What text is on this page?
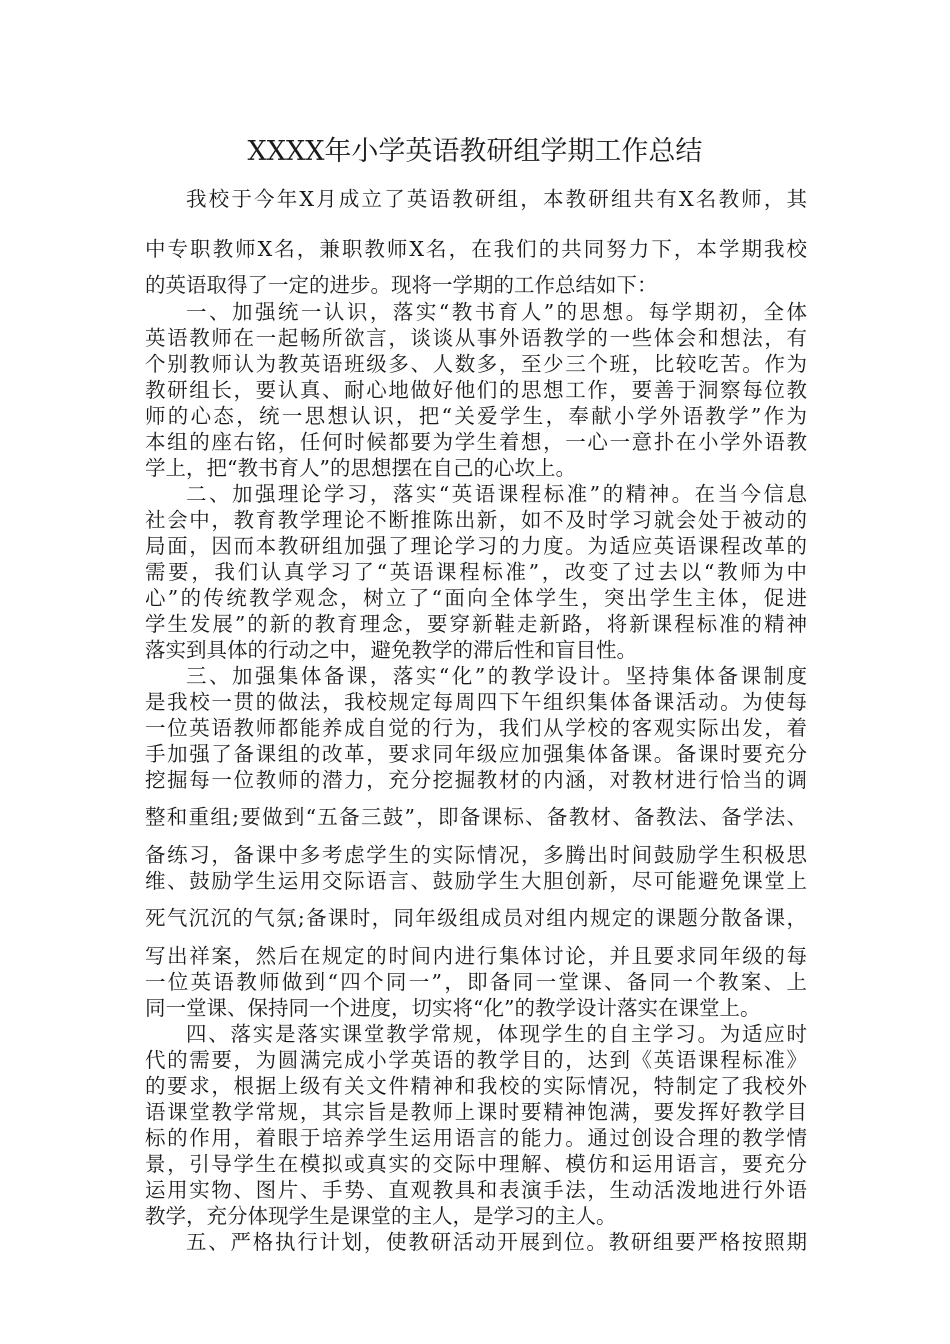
XXXX年小学英语教研组学期工作总结
我校于今年X月成立了英语教研组，本教研组共有X名教师，其
中专职教师X名，兼职教师X名，在我们的共同努力下，本学期我校
的英语取得了一定的进步。现将一学期的工作总结如下：
一、加强统一认识，落实“教书育人”的思想。每学期初，全体
英语教师在一起畅所欲言，谈谈从事外语教学的一些体会和想法，有
个别教师认为教英语班级多、人数多，至少三个班，比较吃苦。作为
教研组长，要认真、耐心地做好他们的思想工作，要善于洞察每位教
师的心态，统一思想认识，把“关爱学生，奉献小学外语教学”作为
本组的座右铭，任何时候都要为学生着想，一心一意扑在小学外语教
学上，把“教书育人”的思想摆在自己的心坎上。
二、加强理论学习，落实“英语课程标准”的精神。在当今信息
社会中，教育教学理论不断推陈出新，如不及时学习就会处于被动的
局面，因而本教研组加强了理论学习的力度。为适应英语课程改革的
需要，我们认真学习了“英语课程标准”，改变了过去以“教师为中
心”的传统教学观念，树立了“面向全体学生，突出学生主体，促进
学生发展”的新的教育理念，要穿新鞋走新路，将新课程标准的精神
落实到具体的行动之中，避免教学的滞后性和盲目性。
三、加强集体备课，落实“化”的教学设计。坚持集体备课制度
是我校一贯的做法，我校规定每周四下午组织集体备课活动。为使每
一位英语教师都能养成自觉的行为，我们从学校的客观实际出发，着
手加强了备课组的改革，要求同年级应加强集体备课。备课时要充分
挖掘每一位教师的潜力，充分挖掘教材的内涵，对教材进行恰当的调
整和重组;要做到“五备三鼓”，即备课标、备教材、备教法、备学法、
备练习，备课中多考虑学生的实际情况，多腾出时间鼓励学生积极思
维、鼓励学生运用交际语言、鼓励学生大胆创新，尽可能避免课堂上
死气沉沉的气氛;备课时，同年级组成员对组内规定的课题分散备课，
写出祥案，然后在规定的时间内进行集体讨论，并且要求同年级的每
一位英语教师做到“四个同一”，即备同一堂课、备同一个教案、上
同一堂课、保持同一个进度，切实将“化”的教学设计落实在课堂上。
四、落实是落实课堂教学常规，体现学生的自主学习。为适应时
代的需要，为圆满完成小学英语的教学目的，达到《英语课程标准》
的要求，根据上级有关文件精神和我校的实际情况，特制定了我校外
语课堂教学常规，其宗旨是教师上课时要精神饱满，要发挥好教学目
标的作用，着眼于培养学生运用语言的能力。通过创设合理的教学情
景，引导学生在模拟或真实的交际中理解、模仿和运用语言，要充分
运用实物、图片、手势、直观教具和表演手法，生动活泼地进行外语
教学，充分体现学生是课堂的主人，是学习的主人。
五、严格执行计划，使教研活动开展到位。教研组要严格按照期
